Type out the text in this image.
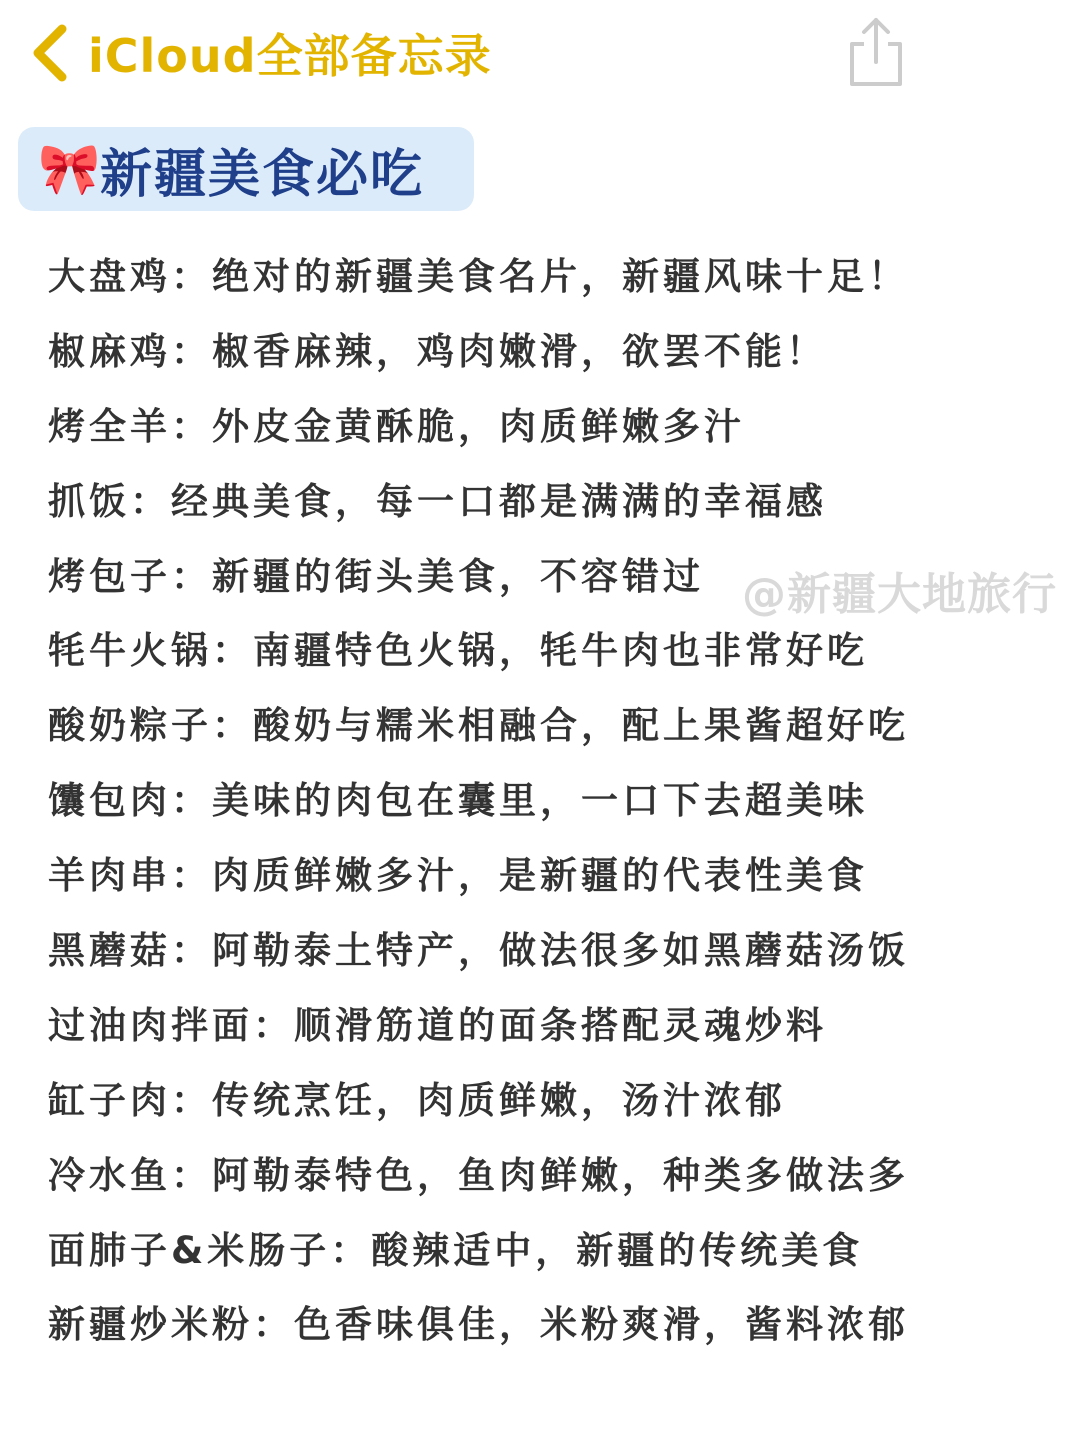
iCloud全部备忘录
🎀 新疆美食必吃
大盘鸡：绝对的新疆美食名片，新疆风味十足！
椒麻鸡：椒香麻辣，鸡肉嫩滑，欲罢不能！
烤全羊：外皮金黄酥脆，肉质鲜嫩多汁
抓饭：经典美食，每一口都是满满的幸福感
烤包子：新疆的街头美食，不容错过
牦牛火锅：南疆特色火锅，牦牛肉也非常好吃
酸奶粽子：酸奶与糯米相融合，配上果酱超好吃
馕包肉：美味的肉包在囊里，一口下去超美味
羊肉串：肉质鲜嫩多汁，是新疆的代表性美食
黑蘑菇：阿勒泰土特产，做法很多如黑蘑菇汤饭
过油肉拌面：顺滑筋道的面条搭配灵魂炒料
缸子肉：传统烹饪，肉质鲜嫩，汤汁浓郁
冷水鱼：阿勒泰特色，鱼肉鲜嫩，种类多做法多
面肺子&米肠子：酸辣适中，新疆的传统美食
新疆炒米粉：色香味俱佳，米粉爽滑，酱料浓郁
@新疆大地旅行
